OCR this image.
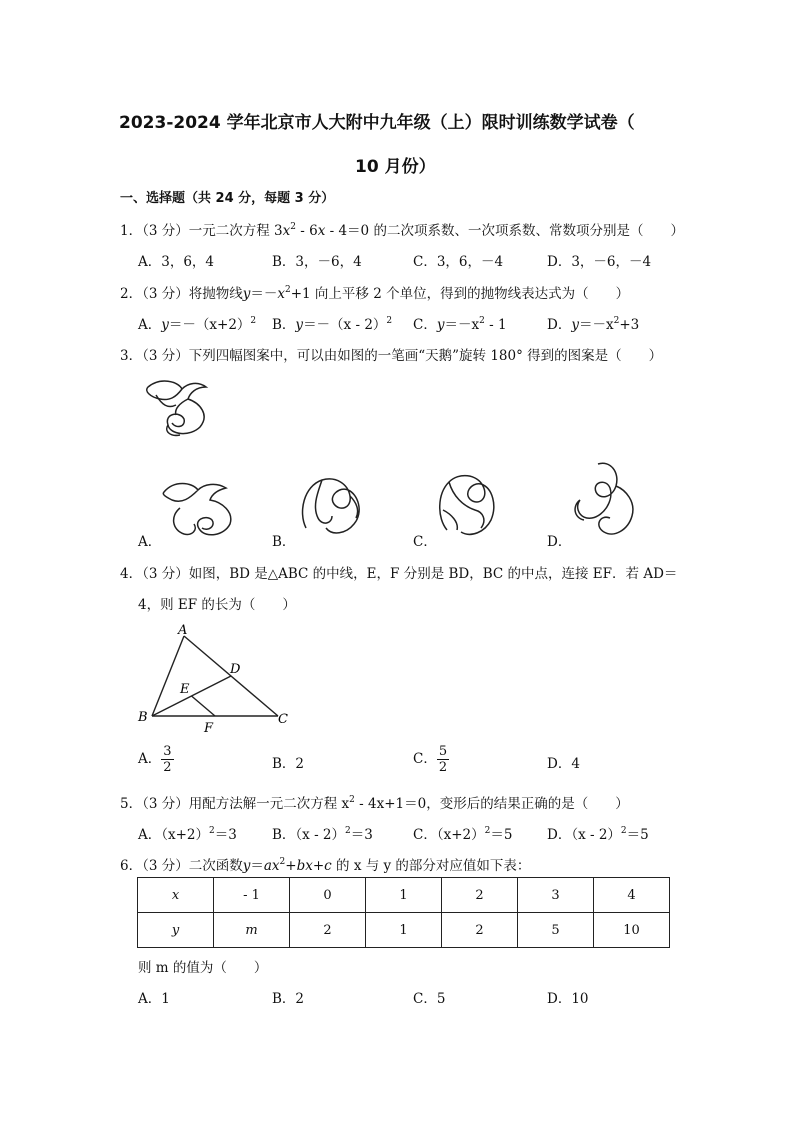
2023-2024 学年北京市人大附中九年级（上）限时训练数学试卷（
10 月份）
一、选择题（共 24 分，每题 3 分）
1．（3 分）一元二次方程 $3x^2 - 6x - 4=0$ 的二次项系数、一次项系数、常数项分别是（　　）
A．3，6，4	B．3，－6，4	C．3，6，－4	D．3，－6，－4
2．（3 分）将抛物线$y=-x^2+1$ 向上平移 2 个单位，得到的抛物线表达式为（　　）
A．$y=-(x+2)^2$ B．y＝－（x - 2）$^2$ C．$y=-x^2 - 1$	D．$y=-x^2+3$
3．（3 分）下列四幅图案中，可以由如图的一笔画“天鹅”旋转 180° 得到的图案是（　　）
A．	B．	C．	D．
4．（3 分）如图，BD 是△ABC 的中线，E，F 分别是 BD，BC 的中点，连接 EF．若 AD＝
4，则 EF 的长为（　　）
A
B	C
D
E
F
A． $\frac{3}{2}$	B．2	C． $\frac{5}{2}$	D．4
5．（3 分）用配方法解一元二次方程 $x^2 - 4x+1=0$，变形后的结果正确的是（　　）
A．$(x+2)^2=3$	B．（x - 2）$^2$＝3	C．$(x+2)^2=5$	D．（x - 2）$^2$＝5
6．（3 分）二次函数$y=ax^2+bx+c$ 的 x 与 y 的部分对应值如下表：
x	- 1	0	1	2	3	4
y	m	2	1	2	5	10
则 m 的值为（　　）
A．1	B．2	C．5	D．10
